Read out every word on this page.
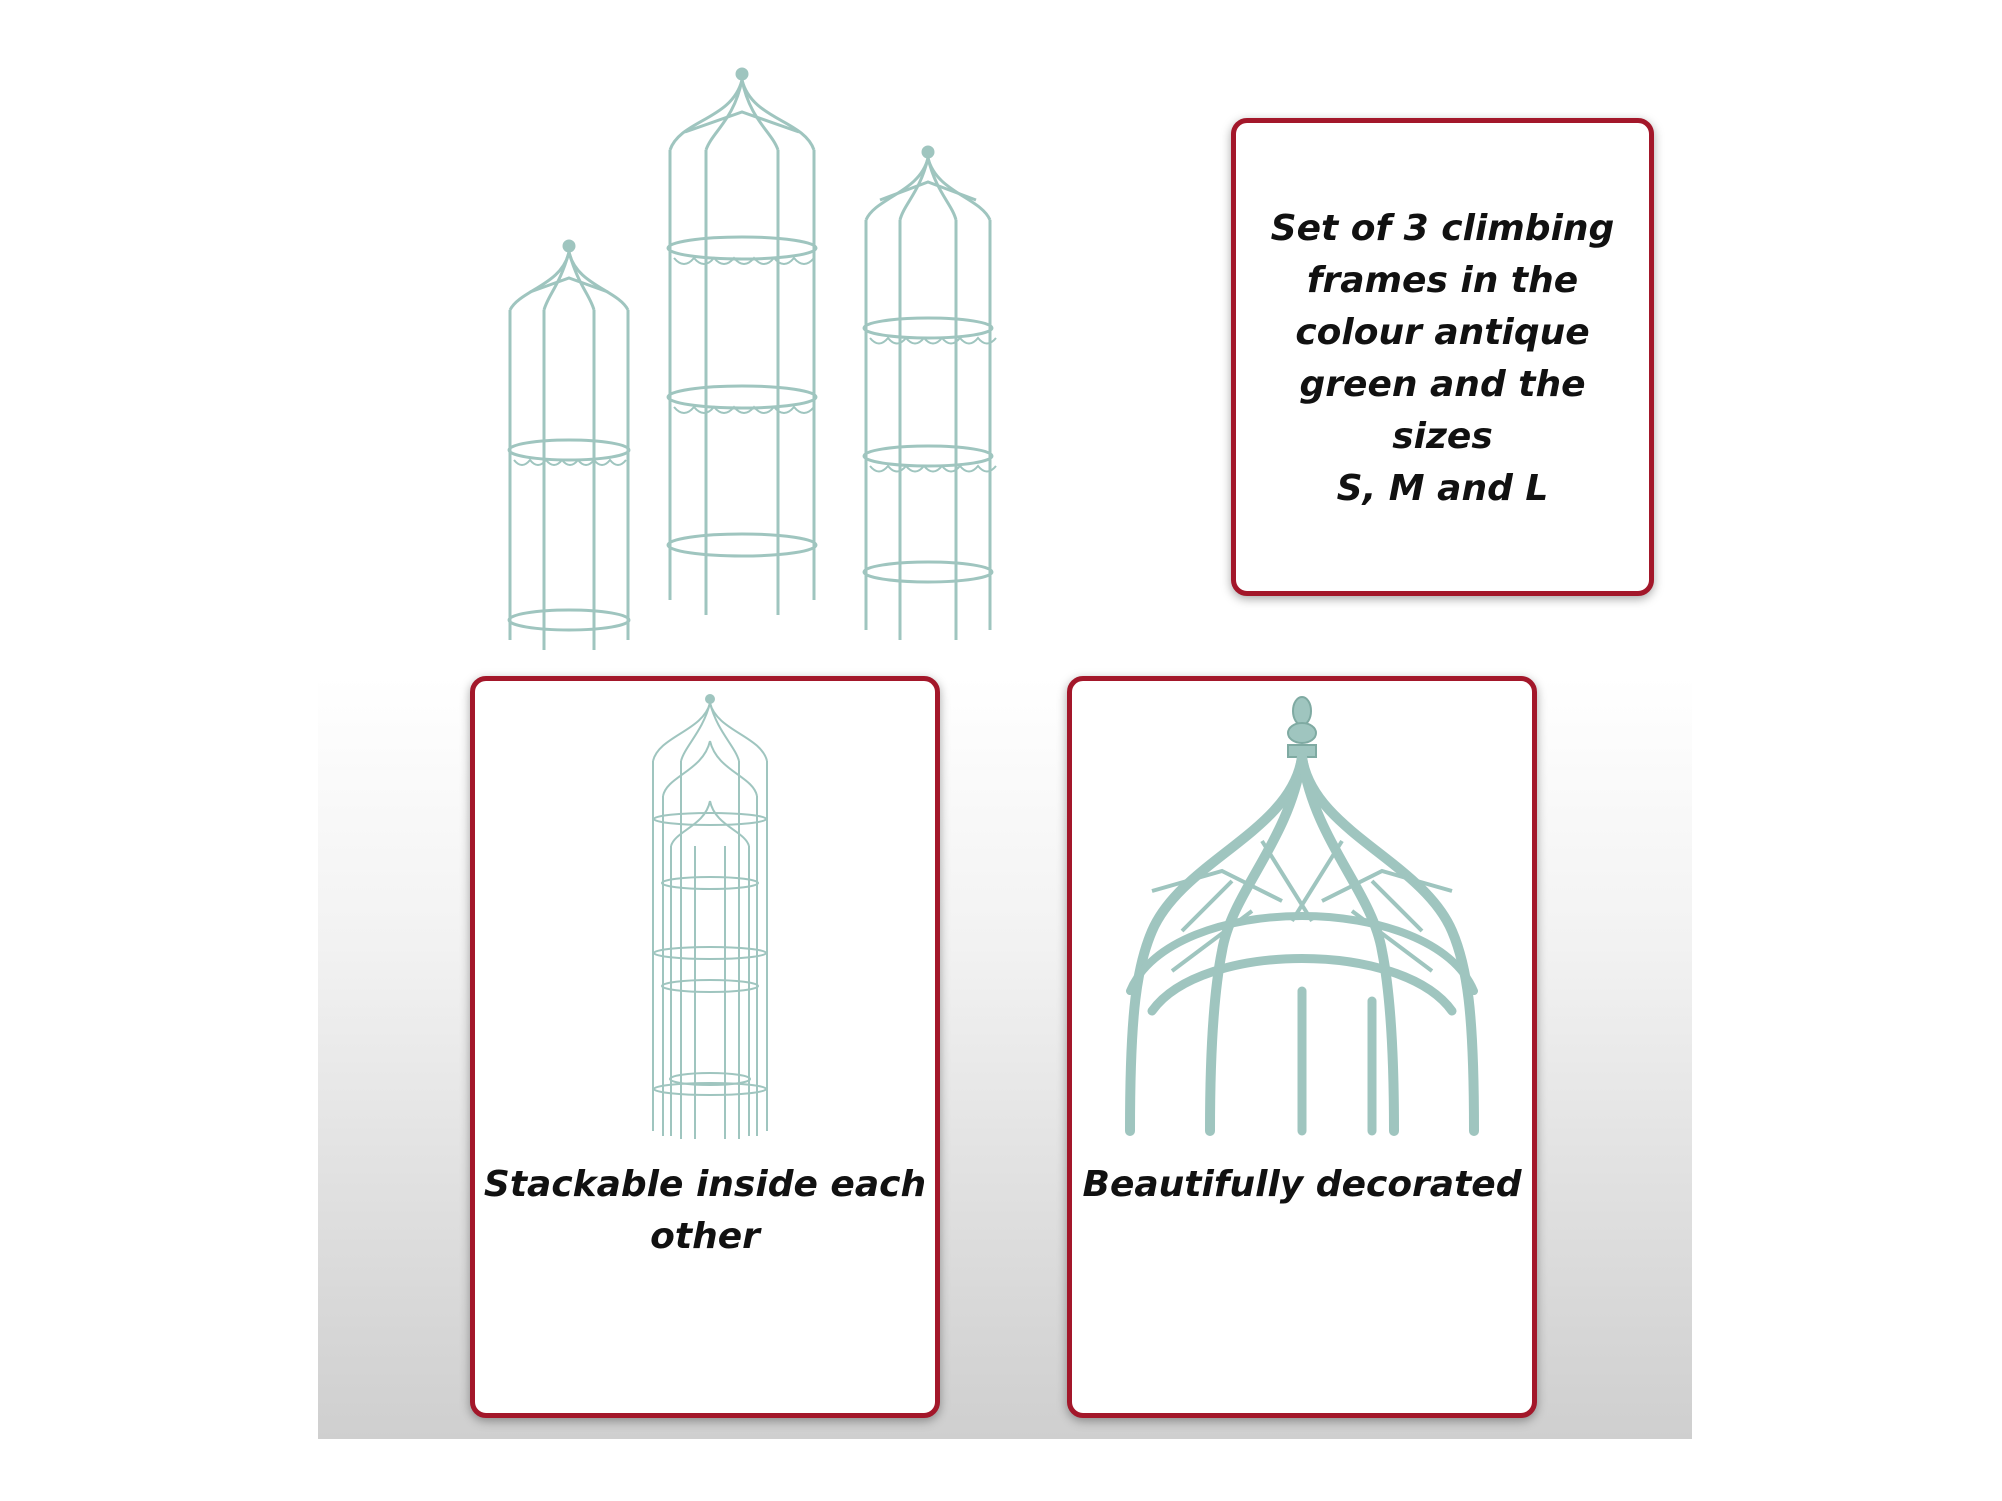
Set of 3 climbing
frames in the
colour antique
green and the
sizes
S, M and L
Stackable inside each
other
Beautifully decorated
